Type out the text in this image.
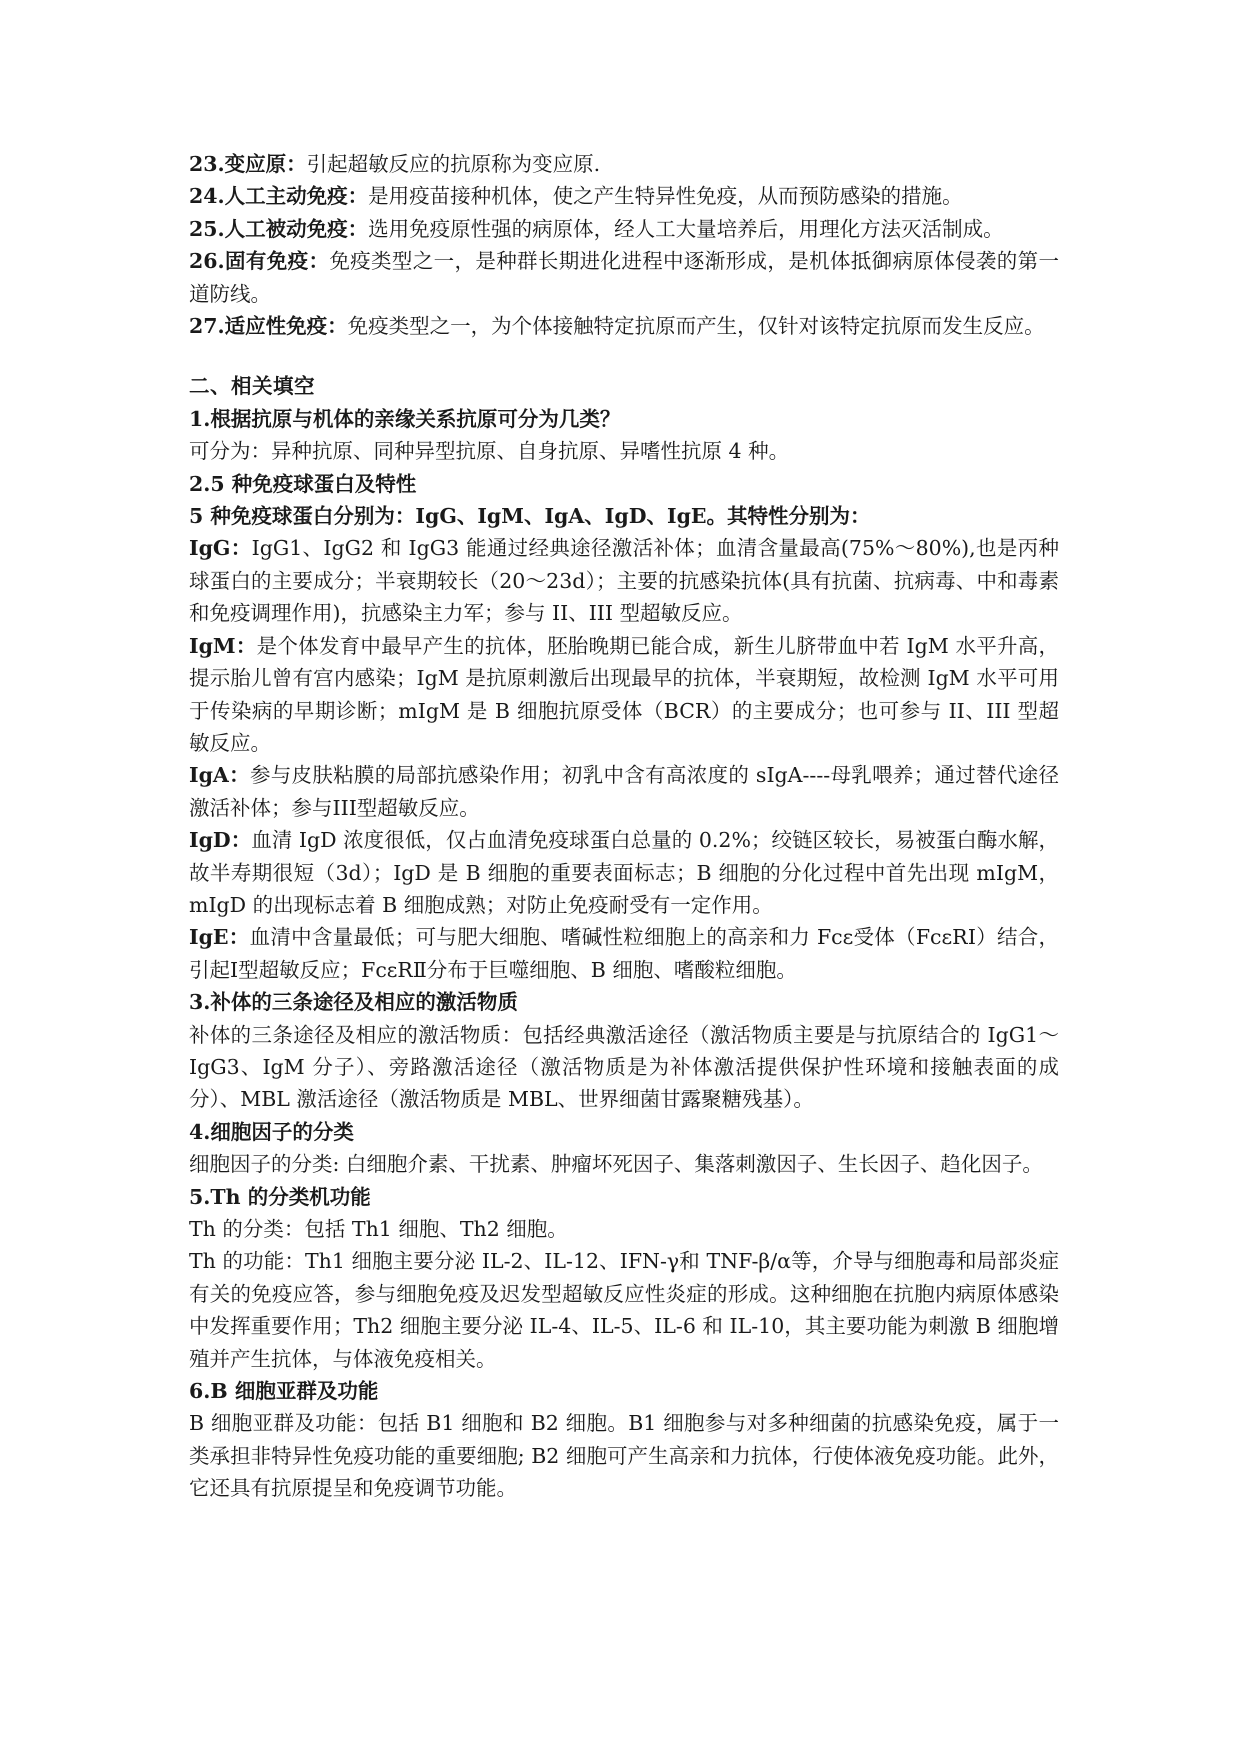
23.变应原：引起超敏反应的抗原称为变应原.

24.人工主动免疫：是用疫苗接种机体，使之产生特异性免疫，从而预防感染的措施。

25.人工被动免疫：选用免疫原性强的病原体，经人工大量培养后，用理化方法灭活制成。

26.固有免疫：免疫类型之一，是种群长期进化进程中逐渐形成，是机体抵御病原体侵袭的第一道防线。

27.适应性免疫：免疫类型之一，为个体接触特定抗原而产生，仅针对该特定抗原而发生反应。

二、相关填空

1.根据抗原与机体的亲缘关系抗原可分为几类？

可分为：异种抗原、同种异型抗原、自身抗原、异嗜性抗原 4 种。

2.5 种免疫球蛋白及特性

5 种免疫球蛋白分别为：IgG、IgM、IgA、IgD、IgE。其特性分别为：

IgG：IgG1、IgG2 和 IgG3 能通过经典途径激活补体；血清含量最高(75%～80%),也是丙种球蛋白的主要成分；半衰期较长（20～23d）；主要的抗感染抗体(具有抗菌、抗病毒、中和毒素和免疫调理作用)，抗感染主力军；参与 II、III 型超敏反应。

IgM：是个体发育中最早产生的抗体，胚胎晚期已能合成，新生儿脐带血中若 IgM 水平升高，提示胎儿曾有宫内感染；IgM 是抗原刺激后出现最早的抗体，半衰期短，故检测 IgM 水平可用于传染病的早期诊断；mIgM 是 B 细胞抗原受体（BCR）的主要成分；也可参与 II、III 型超敏反应。

IgA：参与皮肤粘膜的局部抗感染作用；初乳中含有高浓度的 sIgA----母乳喂养；通过替代途径激活补体；参与III型超敏反应。

IgD：血清 IgD 浓度很低，仅占血清免疫球蛋白总量的 0.2%；绞链区较长，易被蛋白酶水解，故半寿期很短（3d）；IgD 是 B 细胞的重要表面标志；B 细胞的分化过程中首先出现 mIgM，mIgD 的出现标志着 B 细胞成熟；对防止免疫耐受有一定作用。

IgE：血清中含量最低；可与肥大细胞、嗜碱性粒细胞上的高亲和力 Fcε受体（FcεRⅠ）结合，引起Ⅰ型超敏反应；FcεRⅡ分布于巨噬细胞、B 细胞、嗜酸粒细胞。

3.补体的三条途径及相应的激活物质

补体的三条途径及相应的激活物质：包括经典激活途径（激活物质主要是与抗原结合的 IgG1～IgG3、IgM 分子）、旁路激活途径（激活物质是为补体激活提供保护性环境和接触表面的成分）、MBL 激活途径（激活物质是 MBL、世界细菌甘露聚糖残基）。

4.细胞因子的分类

细胞因子的分类: 白细胞介素、干扰素、肿瘤坏死因子、集落刺激因子、生长因子、趋化因子。

5.Th 的分类机功能

Th 的分类：包括 Th1 细胞、Th2 细胞。

Th 的功能：Th1 细胞主要分泌 IL-2、IL-12、IFN-γ和 TNF-β/α等，介导与细胞毒和局部炎症有关的免疫应答，参与细胞免疫及迟发型超敏反应性炎症的形成。这种细胞在抗胞内病原体感染中发挥重要作用；Th2 细胞主要分泌 IL-4、IL-5、IL-6 和 IL-10，其主要功能为刺激 B 细胞增殖并产生抗体，与体液免疫相关。

6.B 细胞亚群及功能

B 细胞亚群及功能：包括 B1 细胞和 B2 细胞。B1 细胞参与对多种细菌的抗感染免疫，属于一类承担非特异性免疫功能的重要细胞; B2 细胞可产生高亲和力抗体，行使体液免疫功能。此外，它还具有抗原提呈和免疫调节功能。
